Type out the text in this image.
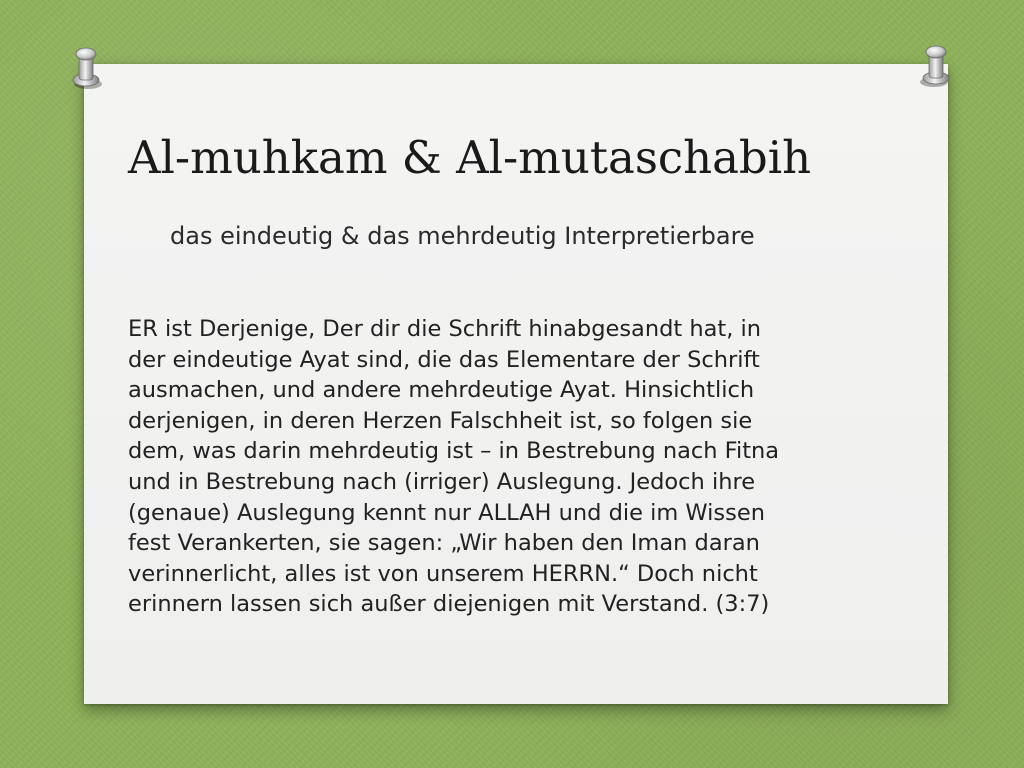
Al-muhkam & Al-mutaschabih

das eindeutig & das mehrdeutig Interpretierbare

ER ist Derjenige, Der dir die Schrift hinabgesandt hat, in
der eindeutige Ayat sind, die das Elementare der Schrift
ausmachen, und andere mehrdeutige Ayat. Hinsichtlich
derjenigen, in deren Herzen Falschheit ist, so folgen sie
dem, was darin mehrdeutig ist – in Bestrebung nach Fitna
und in Bestrebung nach (irriger) Auslegung. Jedoch ihre
(genaue) Auslegung kennt nur ALLAH und die im Wissen
fest Verankerten, sie sagen: „Wir haben den Iman daran
verinnerlicht, alles ist von unserem HERRN.“ Doch nicht
erinnern lassen sich außer diejenigen mit Verstand. (3:7)
